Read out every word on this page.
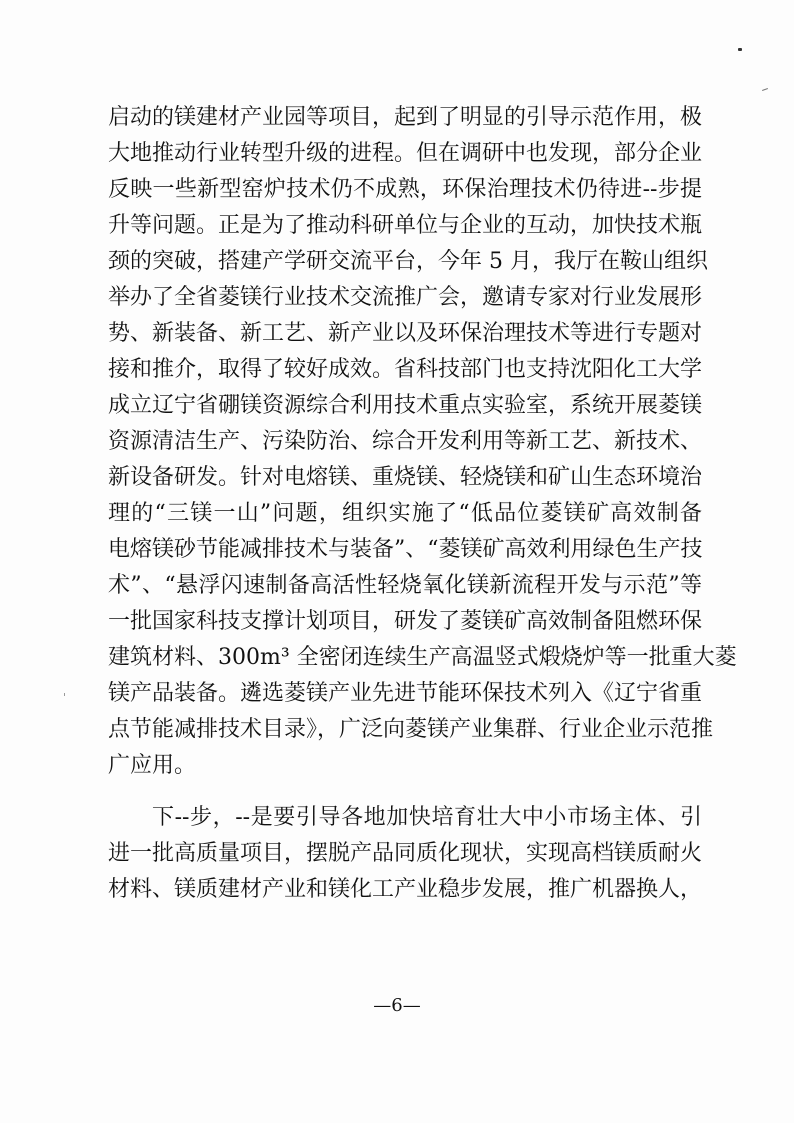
启动的镁建材产业园等项目，起到了明显的引导示范作用，极
大地推动行业转型升级的进程。但在调研中也发现，部分企业
反映一些新型窑炉技术仍不成熟，环保治理技术仍待进--步提
升等问题。正是为了推动科研单位与企业的互动，加快技术瓶
颈的突破，搭建产学研交流平台，今年 5 月，我厅在鞍山组织
举办了全省菱镁行业技术交流推广会，邀请专家对行业发展形
势、新装备、新工艺、新产业以及环保治理技术等进行专题对
接和推介，取得了较好成效。省科技部门也支持沈阳化工大学
成立辽宁省硼镁资源综合利用技术重点实验室，系统开展菱镁
资源清洁生产、污染防治、综合开发利用等新工艺、新技术、
新设备研发。针对电熔镁、重烧镁、轻烧镁和矿山生态环境治
理的“三镁一山”问题，组织实施了“低品位菱镁矿高效制备
电熔镁砂节能减排技术与装备”、“菱镁矿高效利用绿色生产技
术”、“悬浮闪速制备高活性轻烧氧化镁新流程开发与示范”等
一批国家科技支撑计划项目，研发了菱镁矿高效制备阻燃环保
建筑材料、300m³ 全密闭连续生产高温竖式煅烧炉等一批重大菱
镁产品装备。遴选菱镁产业先进节能环保技术列入《辽宁省重
点节能减排技术目录》，广泛向菱镁产业集群、行业企业示范推
广应用。
下--步，--是要引导各地加快培育壮大中小市场主体、引
进一批高质量项目，摆脱产品同质化现状，实现高档镁质耐火
材料、镁质建材产业和镁化工产业稳步发展，推广机器换人，
—6—
